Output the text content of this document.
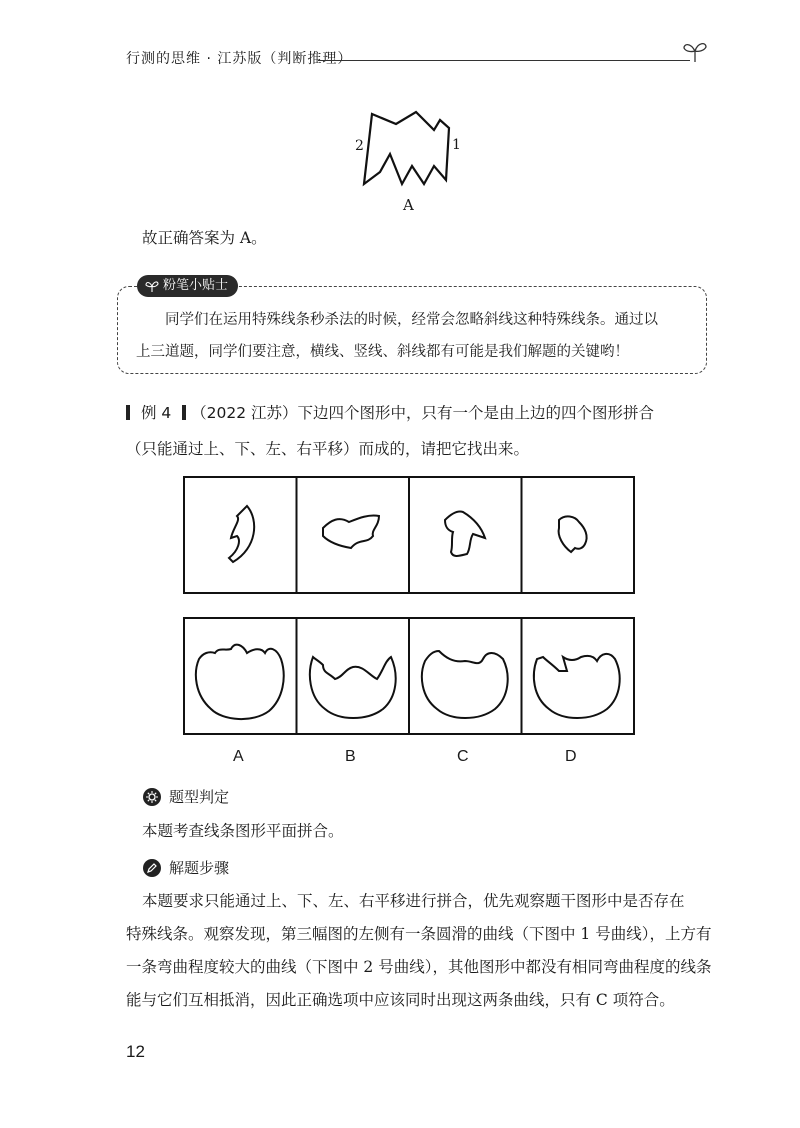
行测的思维 · 江苏版（判断推理）
2	1
A
故正确答案为 A。
粉笔小贴士
同学们在运用特殊线条秒杀法的时候，经常会忽略斜线这种特殊线条。通过以
上三道题，同学们要注意，横线、竖线、斜线都有可能是我们解题的关键哟！
例 4 （2022 江苏）下边四个图形中，只有一个是由上边的四个图形拼合
（只能通过上、下、左、右平移）而成的，请把它找出来。
A	B	C	D
题型判定
本题考查线条图形平面拼合。
解题步骤
本题要求只能通过上、下、左、右平移进行拼合，优先观察题干图形中是否存在
特殊线条。观察发现，第三幅图的左侧有一条圆滑的曲线（下图中 1 号曲线），上方有
一条弯曲程度较大的曲线（下图中 2 号曲线），其他图形中都没有相同弯曲程度的线条
能与它们互相抵消，因此正确选项中应该同时出现这两条曲线，只有 C 项符合。
12
